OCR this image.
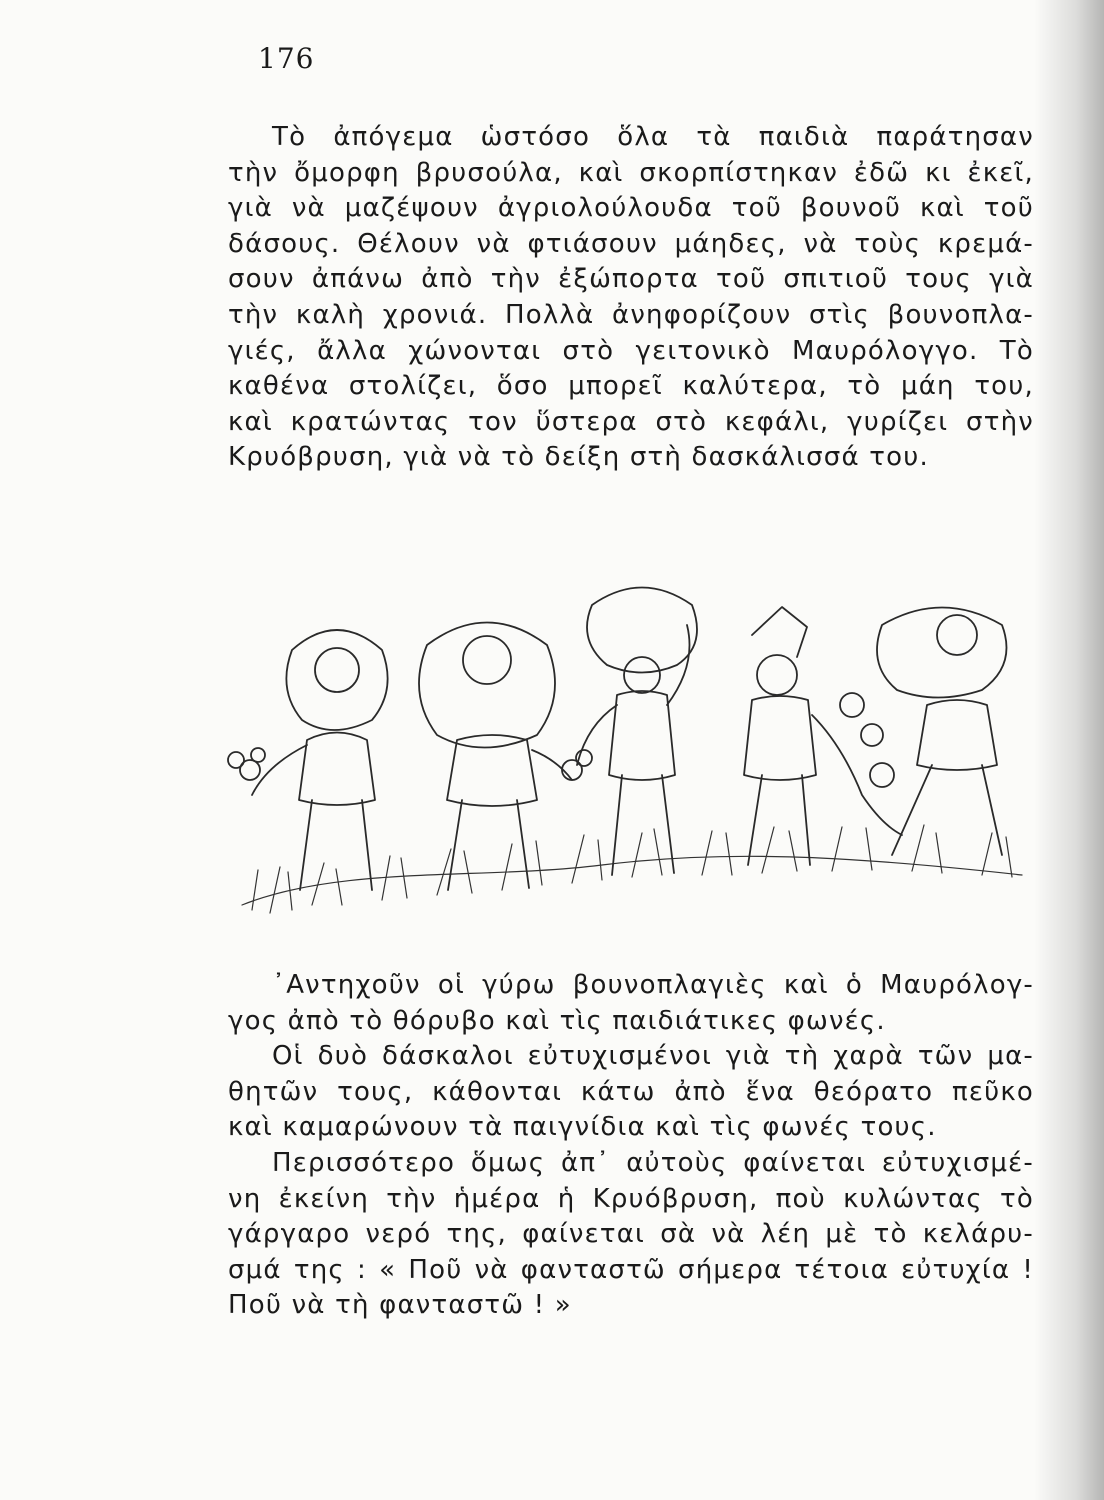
176
Τὸ ἀπόγεμα ὡστόσο ὅλα τὰ παιδιὰ παράτησαν
τὴν ὄμορφη βρυσούλα, καὶ σκορπίστηκαν ἐδῶ κι ἐκεῖ,
γιὰ νὰ μαζέψουν ἀγριολούλουδα τοῦ βουνοῦ καὶ τοῦ
δάσους. Θέλουν νὰ φτιάσουν μάηδες, νὰ τοὺς κρεμά-
σουν ἀπάνω ἀπὸ τὴν ἐξώπορτα τοῦ σπιτιοῦ τους γιὰ
τὴν καλὴ χρονιά. Πολλὰ ἀνηφορίζουν στὶς βουνοπλα-
γιές, ἄλλα χώνονται στὸ γειτονικὸ Μαυρόλογγο. Τὸ
καθένα στολίζει, ὅσο μπορεῖ καλύτερα, τὸ μάη του,
καὶ κρατώντας τον ὕστερα στὸ κεφάλι, γυρίζει στὴν
Κρυόβρυση, γιὰ νὰ τὸ δείξη στὴ δασκάλισσά του.
᾿Αντηχοῦν οἱ γύρω βουνοπλαγιὲς καὶ ὁ Μαυρόλογ-
γος ἀπὸ τὸ θόρυβο καὶ τὶς παιδιάτικες φωνές.
Οἱ δυὸ δάσκαλοι εὐτυχισμένοι γιὰ τὴ χαρὰ τῶν μα-
θητῶν τους, κάθονται κάτω ἀπὸ ἕνα θεόρατο πεῦκο
καὶ καμαρώνουν τὰ παιγνίδια καὶ τὶς φωνές τους.
Περισσότερο ὅμως ἀπ᾿ αὐτοὺς φαίνεται εὐτυχισμέ-
νη ἐκείνη τὴν ἡμέρα ἡ Κρυόβρυση, ποὺ κυλώντας τὸ
γάργαρο νερό της, φαίνεται σὰ νὰ λέη μὲ τὸ κελάρυ-
σμά της : « Ποῦ νὰ φανταστῶ σήμερα τέτοια εὐτυχία !
Ποῦ νὰ τὴ φανταστῶ ! »
